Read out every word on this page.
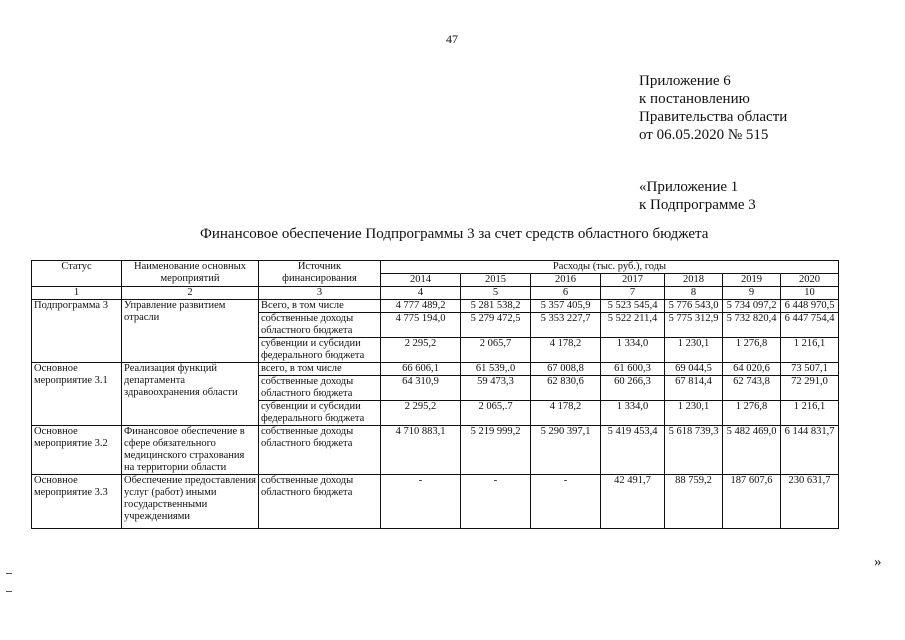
47
Приложение 6
к постановлению
Правительства области
от 06.05.2020 № 515
«Приложение 1
к Подпрограмме 3
Финансовое обеспечение Подпрограммы 3 за счет средств областного бюджета
Статус	Наименование основных мероприятий	Источник финансирования	Расходы (тыс. руб.), годы						
			2014	2015	2016	2017	2018	2019	2020
1	2	3	4	5	6	7	8	9	10
Подпрограмма 3	Управление развитием отрасли	Всего, в том числе	4 777 489,2	5 281 538,2	5 357 405,9	5 523 545,4	5 776 543,0	5 734 097,2	6 448 970,5
		собственные доходы областного бюджета	4 775 194,0	5 279 472,5	5 353 227,7	5 522 211,4	5 775 312,9	5 732 820,4	6 447 754,4
		субвенции и субсидии федерального бюджета	2 295,2	2 065,7	4 178,2	1 334,0	1 230,1	1 276,8	1 216,1
Основное мероприятие 3.1	Реализация функций департамента здравоохранения области	всего, в том числе	66 606,1	61 539,.0	67 008,8	61 600,3	69 044,5	64 020,6	73 507,1
		собственные доходы областного бюджета	64 310,9	59 473,3	62 830,6	60 266,3	67 814,4	62 743,8	72 291,0
		субвенции и субсидии федерального бюджета	2 295,2	2 065,.7	4 178,2	1 334,0	1 230,1	1 276,8	1 216,1
Основное мероприятие 3.2	Финансовое обеспечение в сфере обязательного медицинского страхования на территории области	собственные доходы областного бюджета	4 710 883,1	5 219 999,2	5 290 397,1	5 419 453,4	5 618 739,3	5 482 469,0	6 144 831,7
Основное мероприятие 3.3	Обеспечение предоставления услуг (работ) иными государственными учреждениями	собственные доходы областного бюджета	-	-	-	42 491,7	88 759,2	187 607,6	230 631,7
»
